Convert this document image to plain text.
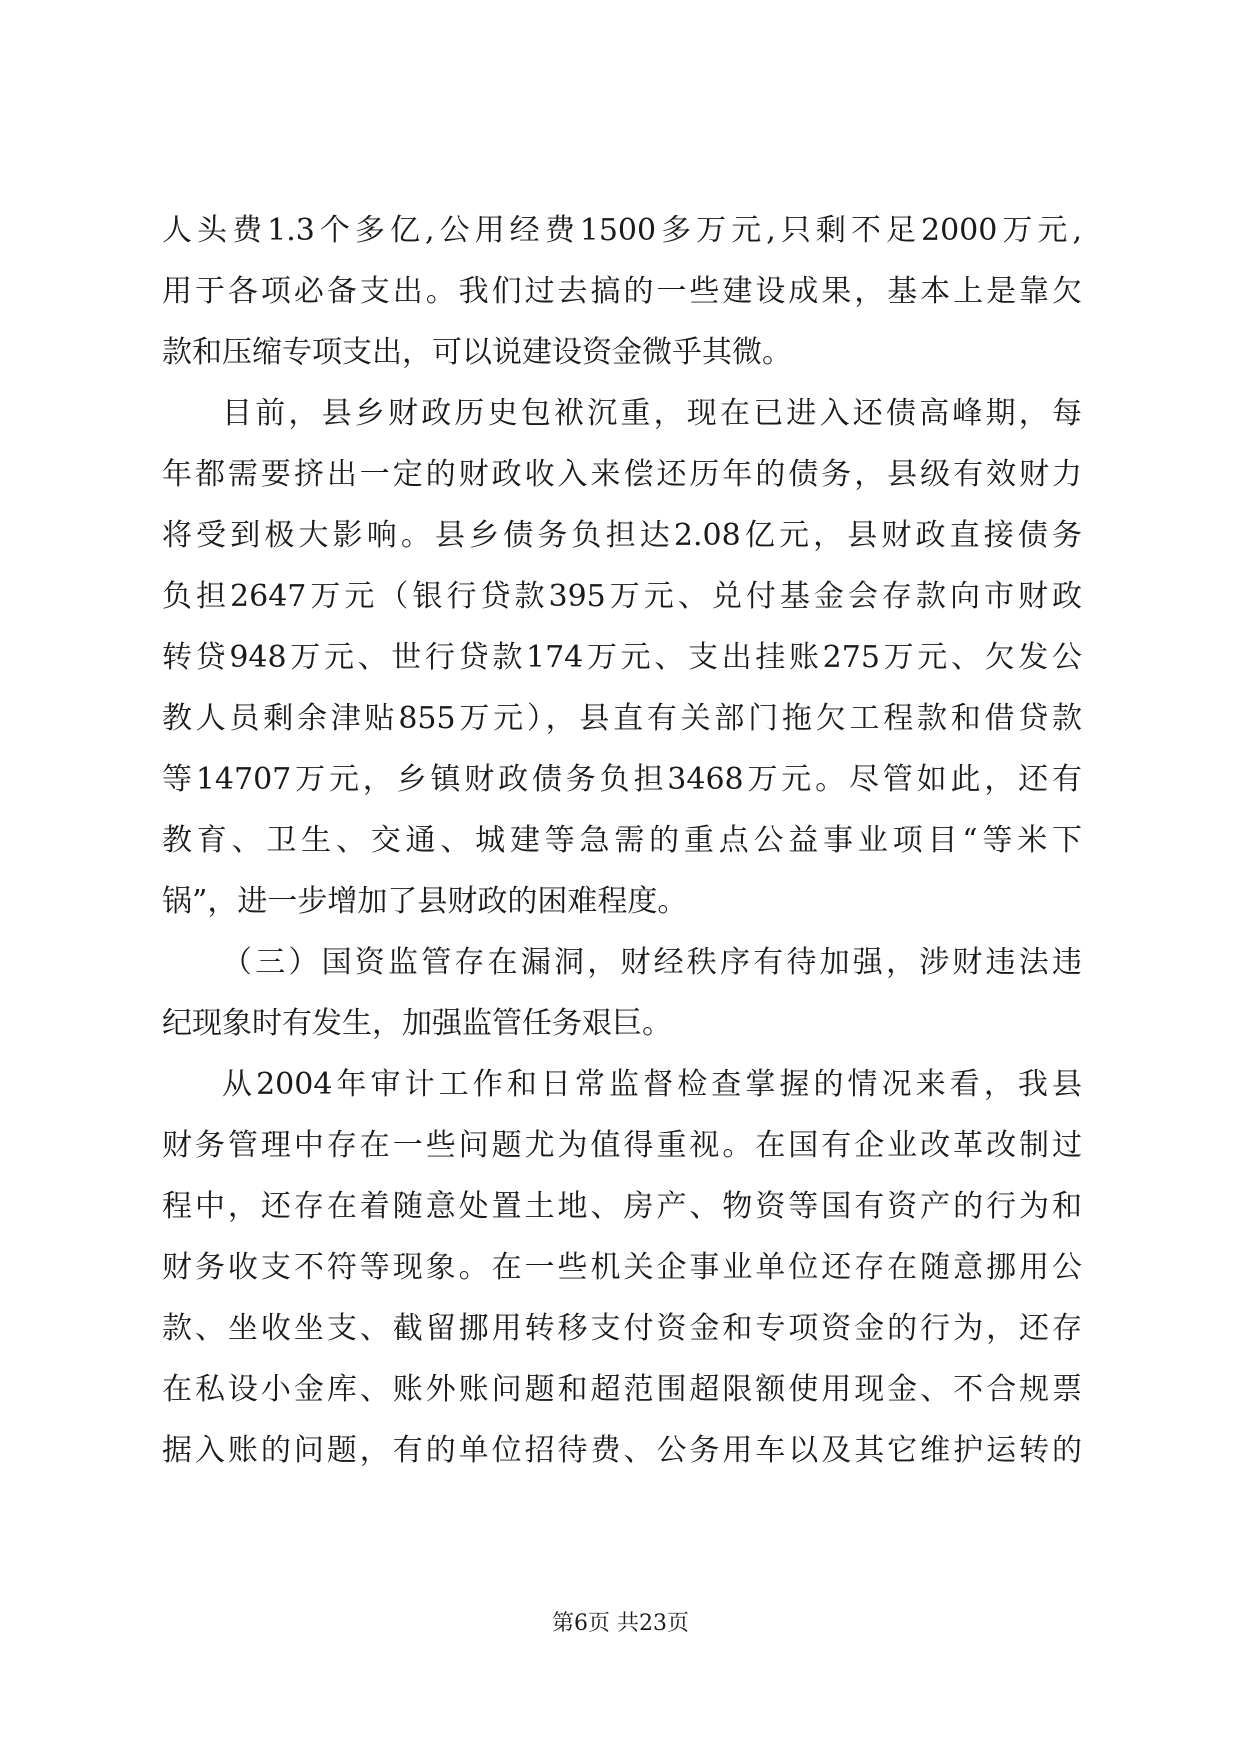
人头费1.3个多亿,公用经费1500多万元,只剩不足2000万元,
用于各项必备支出。我们过去搞的一些建设成果，基本上是靠欠
款和压缩专项支出，可以说建设资金微乎其微。
目前，县乡财政历史包袱沉重，现在已进入还债高峰期，每
年都需要挤出一定的财政收入来偿还历年的债务，县级有效财力
将受到极大影响。县乡债务负担达2.08亿元，县财政直接债务
负担2647万元（银行贷款395万元、兑付基金会存款向市财政
转贷948万元、世行贷款174万元、支出挂账275万元、欠发公
教人员剩余津贴855万元），县直有关部门拖欠工程款和借贷款
等14707万元，乡镇财政债务负担3468万元。尽管如此，还有
教育、卫生、交通、城建等急需的重点公益事业项目“等米下
锅”，进一步增加了县财政的困难程度。
（三）国资监管存在漏洞，财经秩序有待加强，涉财违法违
纪现象时有发生，加强监管任务艰巨。
从2004年审计工作和日常监督检查掌握的情况来看，我县
财务管理中存在一些问题尤为值得重视。在国有企业改革改制过
程中，还存在着随意处置土地、房产、物资等国有资产的行为和
财务收支不符等现象。在一些机关企事业单位还存在随意挪用公
款、坐收坐支、截留挪用转移支付资金和专项资金的行为，还存
在私设小金库、账外账问题和超范围超限额使用现金、不合规票
据入账的问题，有的单位招待费、公务用车以及其它维护运转的
第6页 共23页
